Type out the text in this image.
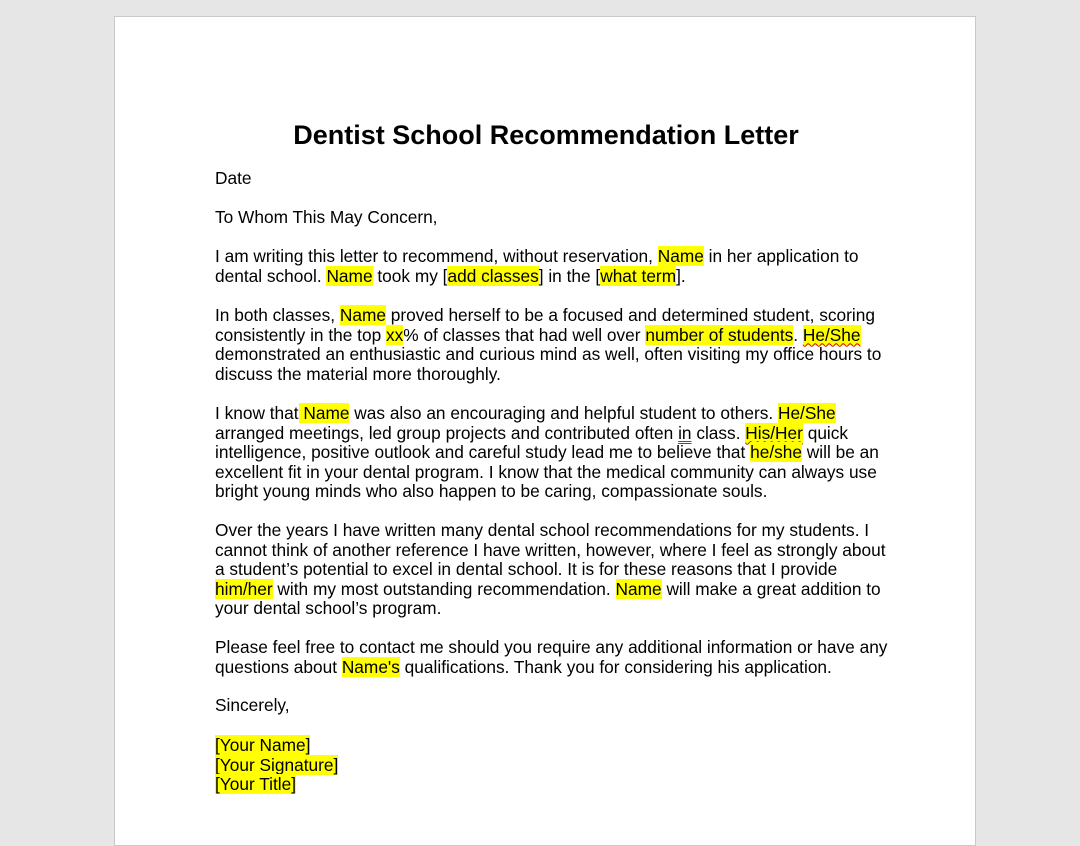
Dentist School Recommendation Letter

Date

To Whom This May Concern,

I am writing this letter to recommend, without reservation, Name in her application to
dental school. Name took my [add classes] in the [what term].

In both classes, Name proved herself to be a focused and determined student, scoring
consistently in the top xx% of classes that had well over number of students. He/She
demonstrated an enthusiastic and curious mind as well, often visiting my office hours to
discuss the material more thoroughly.

I know that Name was also an encouraging and helpful student to others. He/She
arranged meetings, led group projects and contributed often in class. His/Her quick
intelligence, positive outlook and careful study lead me to believe that he/she will be an
excellent fit in your dental program. I know that the medical community can always use
bright young minds who also happen to be caring, compassionate souls.

Over the years I have written many dental school recommendations for my students. I
cannot think of another reference I have written, however, where I feel as strongly about
a student’s potential to excel in dental school. It is for these reasons that I provide
him/her with my most outstanding recommendation. Name will make a great addition to
your dental school’s program.

Please feel free to contact me should you require any additional information or have any
questions about Name's qualifications. Thank you for considering his application.

Sincerely,

[Your Name]
[Your Signature]
[Your Title]
